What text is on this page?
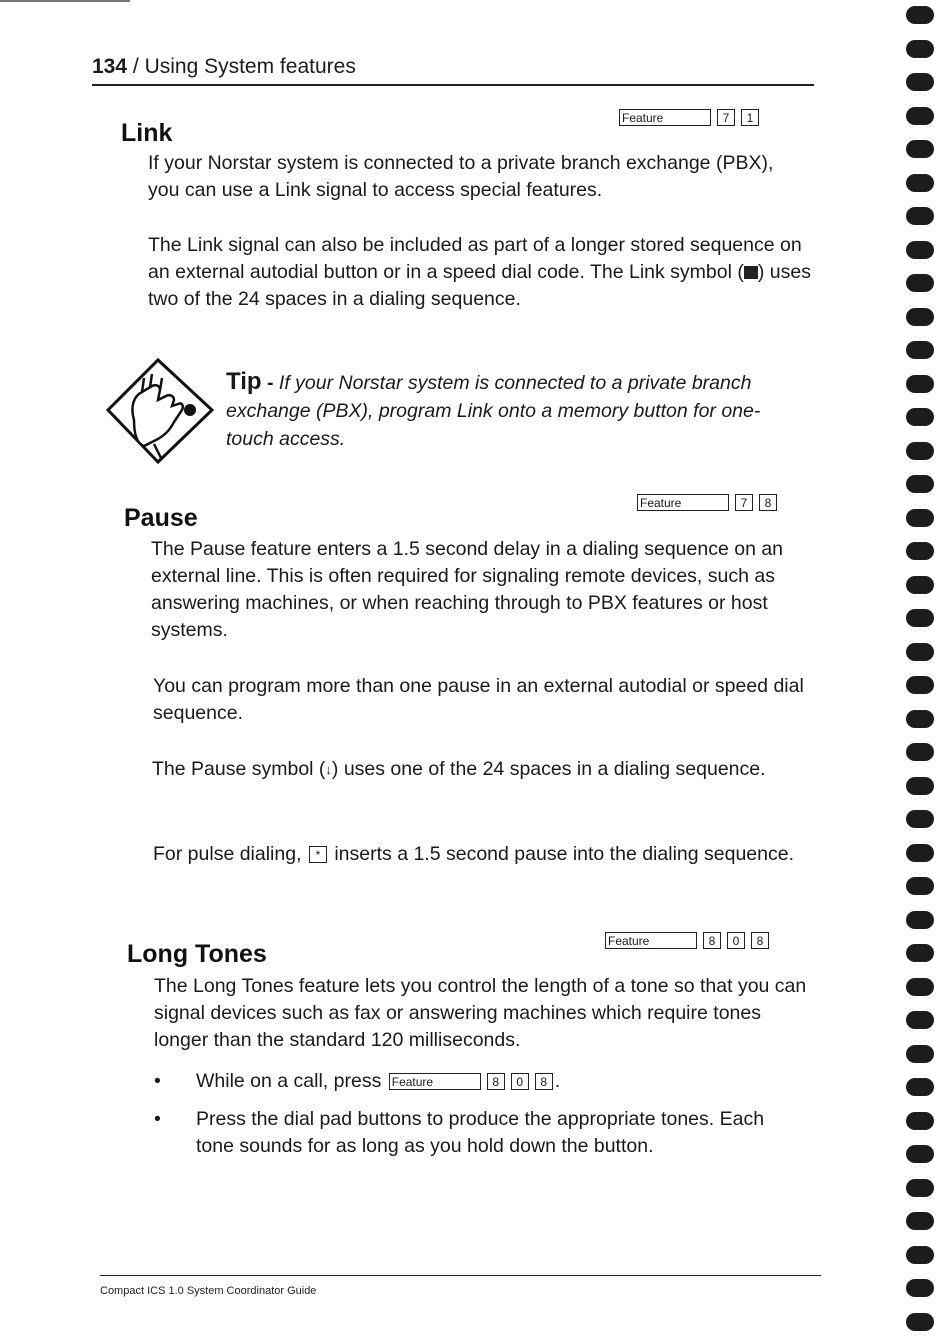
134 / Using System features
Link
Feature	7	1
If your Norstar system is connected to a private branch exchange (PBX), you can use a Link signal to access special features.
The Link signal can also be included as part of a longer stored sequence on an external autodial button or in a speed dial code. The Link symbol ( ) uses two of the 24 spaces in a dialing sequence.
Tip - If your Norstar system is connected to a private branch exchange (PBX), program Link onto a memory button for one-touch access.
Pause
Feature	7	8
The Pause feature enters a 1.5 second delay in a dialing sequence on an external line. This is often required for signaling remote devices, such as answering machines, or when reaching through to PBX features or host systems.
You can program more than one pause in an external autodial or speed dial sequence.
The Pause symbol (↓) uses one of the 24 spaces in a dialing sequence.
For pulse dialing,	* inserts a 1.5 second pause into the dialing sequence.
Long Tones	Feature	8	0	8
The Long Tones feature lets you control the length of a tone so that you can signal devices such as fax or answering machines which require tones longer than the standard 120 milliseconds.
• While on a call, press Feature	8	0	8 .
• Press the dial pad buttons to produce the appropriate tones. Each tone sounds for as long as you hold down the button.
Compact ICS 1.0 System Coordinator Guide
